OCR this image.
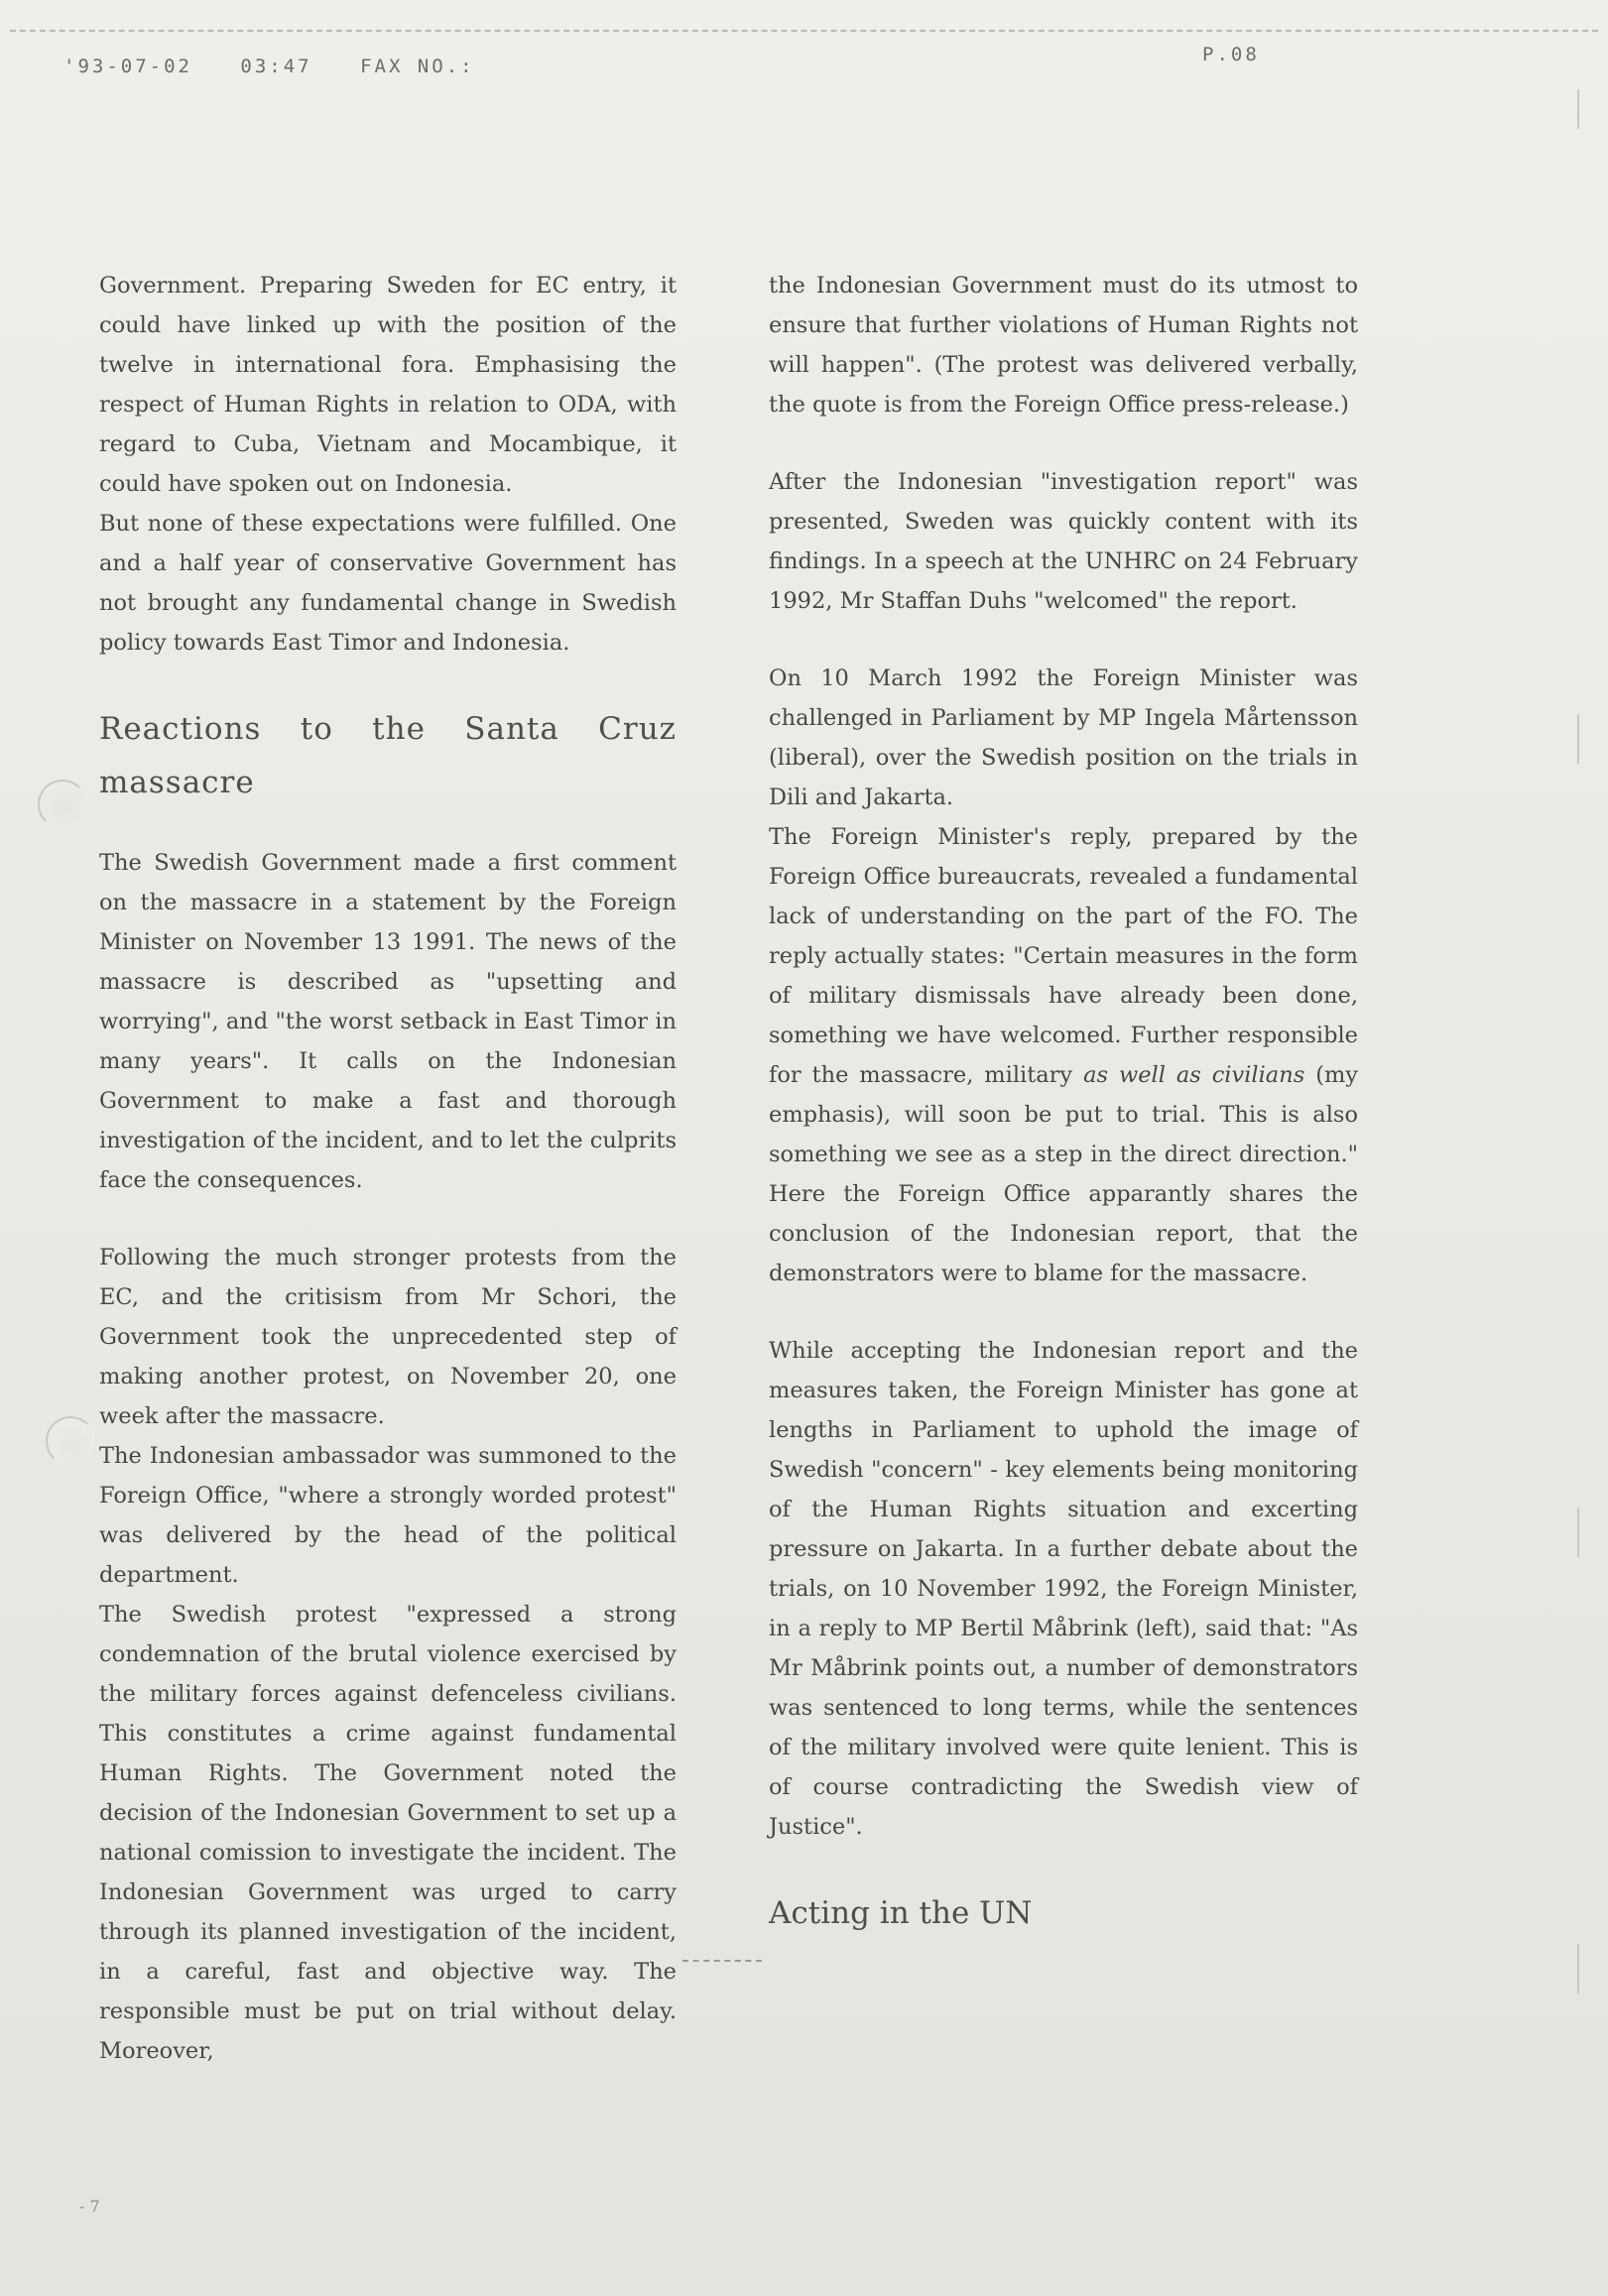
'93-07-02	03:47	FAX NO.:
P.08

Government. Preparing Sweden for EC entry, it could have linked up with the position of the twelve in international fora. Emphasising the respect of Human Rights in relation to ODA, with regard to Cuba, Vietnam and Mocambique, it could have spoken out on Indonesia.

But none of these expectations were fulfilled. One and a half year of conservative Government has not brought any fundamental change in Swedish policy towards East Timor and Indonesia.

Reactions to the Santa Cruz massacre

The Swedish Government made a first comment on the massacre in a statement by the Foreign Minister on November 13 1991. The news of the massacre is described as "upsetting and worrying", and "the worst setback in East Timor in many years". It calls on the Indonesian Government to make a fast and thorough investigation of the incident, and to let the culprits face the consequences.

Following the much stronger protests from the EC, and the critisism from Mr Schori, the Government took the unprecedented step of making another protest, on November 20, one week after the massacre.

The Indonesian ambassador was summoned to the Foreign Office, "where a strongly worded protest" was delivered by the head of the political department.

The Swedish protest "expressed a strong condemnation of the brutal violence exercised by the military forces against defenceless civilians. This constitutes a crime against fundamental Human Rights. The Government noted the decision of the Indonesian Government to set up a national comission to investigate the incident. The Indonesian Government was urged to carry through its planned investigation of the incident, in a careful, fast and objective way. The responsible must be put on trial without delay. Moreover,

the Indonesian Government must do its utmost to ensure that further violations of Human Rights not will happen". (The protest was delivered verbally, the quote is from the Foreign Office press-release.)

After the Indonesian "investigation report" was presented, Sweden was quickly content with its findings. In a speech at the UNHRC on 24 February 1992, Mr Staffan Duhs "welcomed" the report.

On 10 March 1992 the Foreign Minister was challenged in Parliament by MP Ingela Mårtensson (liberal), over the Swedish position on the trials in Dili and Jakarta.

The Foreign Minister's reply, prepared by the Foreign Office bureaucrats, revealed a fundamental lack of understanding on the part of the FO. The reply actually states: "Certain measures in the form of military dismissals have already been done, something we have welcomed. Further responsible for the massacre, military as well as civilians (my emphasis), will soon be put to trial. This is also something we see as a step in the direct direction." Here the Foreign Office apparantly shares the conclusion of the Indonesian report, that the demonstrators were to blame for the massacre.

While accepting the Indonesian report and the measures taken, the Foreign Minister has gone at lengths in Parliament to uphold the image of Swedish "concern" - key elements being monitoring of the Human Rights situation and excerting pressure on Jakarta. In a further debate about the trials, on 10 November 1992, the Foreign Minister, in a reply to MP Bertil Måbrink (left), said that: "As Mr Måbrink points out, a number of demonstrators was sentenced to long terms, while the sentences of the military involved were quite lenient. This is of course contradicting the Swedish view of Justice".

Acting in the UN
- 7
